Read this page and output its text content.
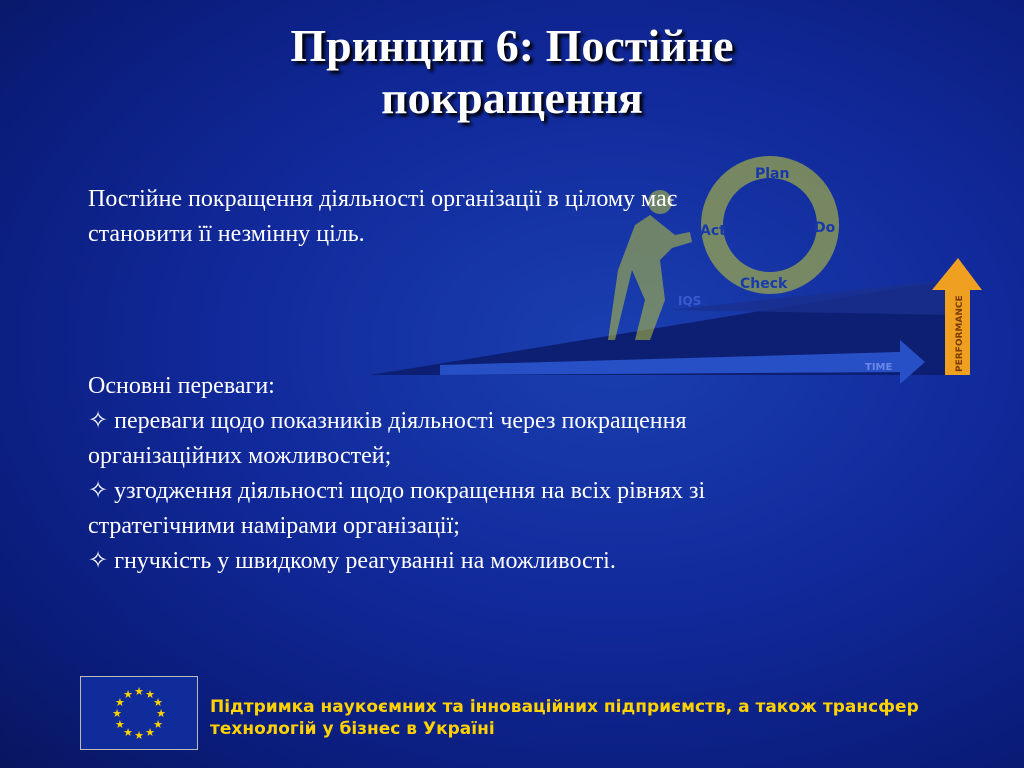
Принцип 6: Постійне
покращення
IQS
TIME	PERFORMANCE
Plan
Do
Check
Act
Постійне покращення діяльності організації в цілому має
становити її незмінну ціль.

Основні переваги:

✧ переваги щодо показників діяльності через покращення

організаційних можливостей;

✧ узгодження діяльності щодо покращення на всіх рівнях зі

стратегічними намірами організації;

✧ гнучкість у швидкому реагуванні на можливості.

★ ★
★
★
★
★
★
★
★
★
★
★
Підтримка наукоємних та інноваційних підприємств, а також трансфер
технологій у бізнес в Україні
